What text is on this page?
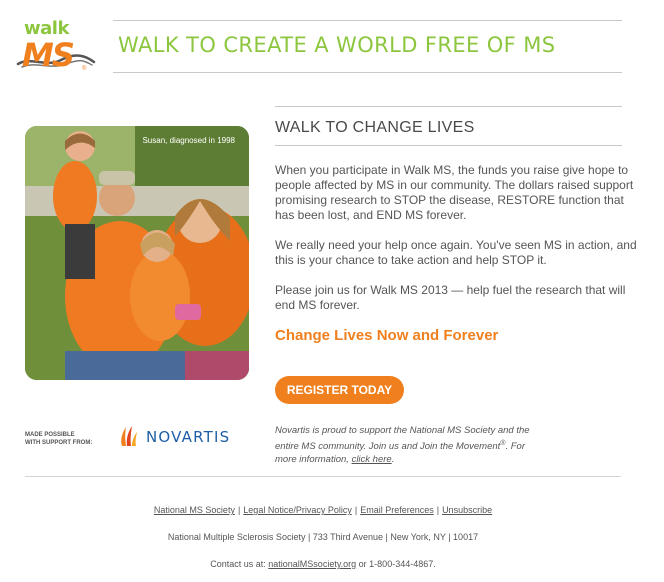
walk
MS ®
WALK TO CREATE A WORLD FREE OF MS
Susan, diagnosed in 1998
WALK TO CHANGE LIVES

When you participate in Walk MS, the funds you raise give hope to people affected by MS in our community. The dollars raised support promising research to STOP the disease, RESTORE function that has been lost, and END MS forever.

We really need your help once again. You've seen MS in action, and this is your chance to take action and help STOP it.

Please join us for Walk MS 2013 — help fuel the research that will end MS forever.

Change Lives Now and Forever
REGISTER TODAY
MADE POSSIBLE
WITH SUPPORT FROM:	NOVARTIS	Novartis is proud to support the National MS Society and the entire MS community. Join us and Join the Movement®. For more information, click here.
National MS Society | Legal Notice/Privacy Policy | Email Preferences | Unsubscribe
National Multiple Sclerosis Society | 733 Third Avenue | New York, NY | 10017
Contact us at: nationalMSsociety.org or 1-800-344-4867.
